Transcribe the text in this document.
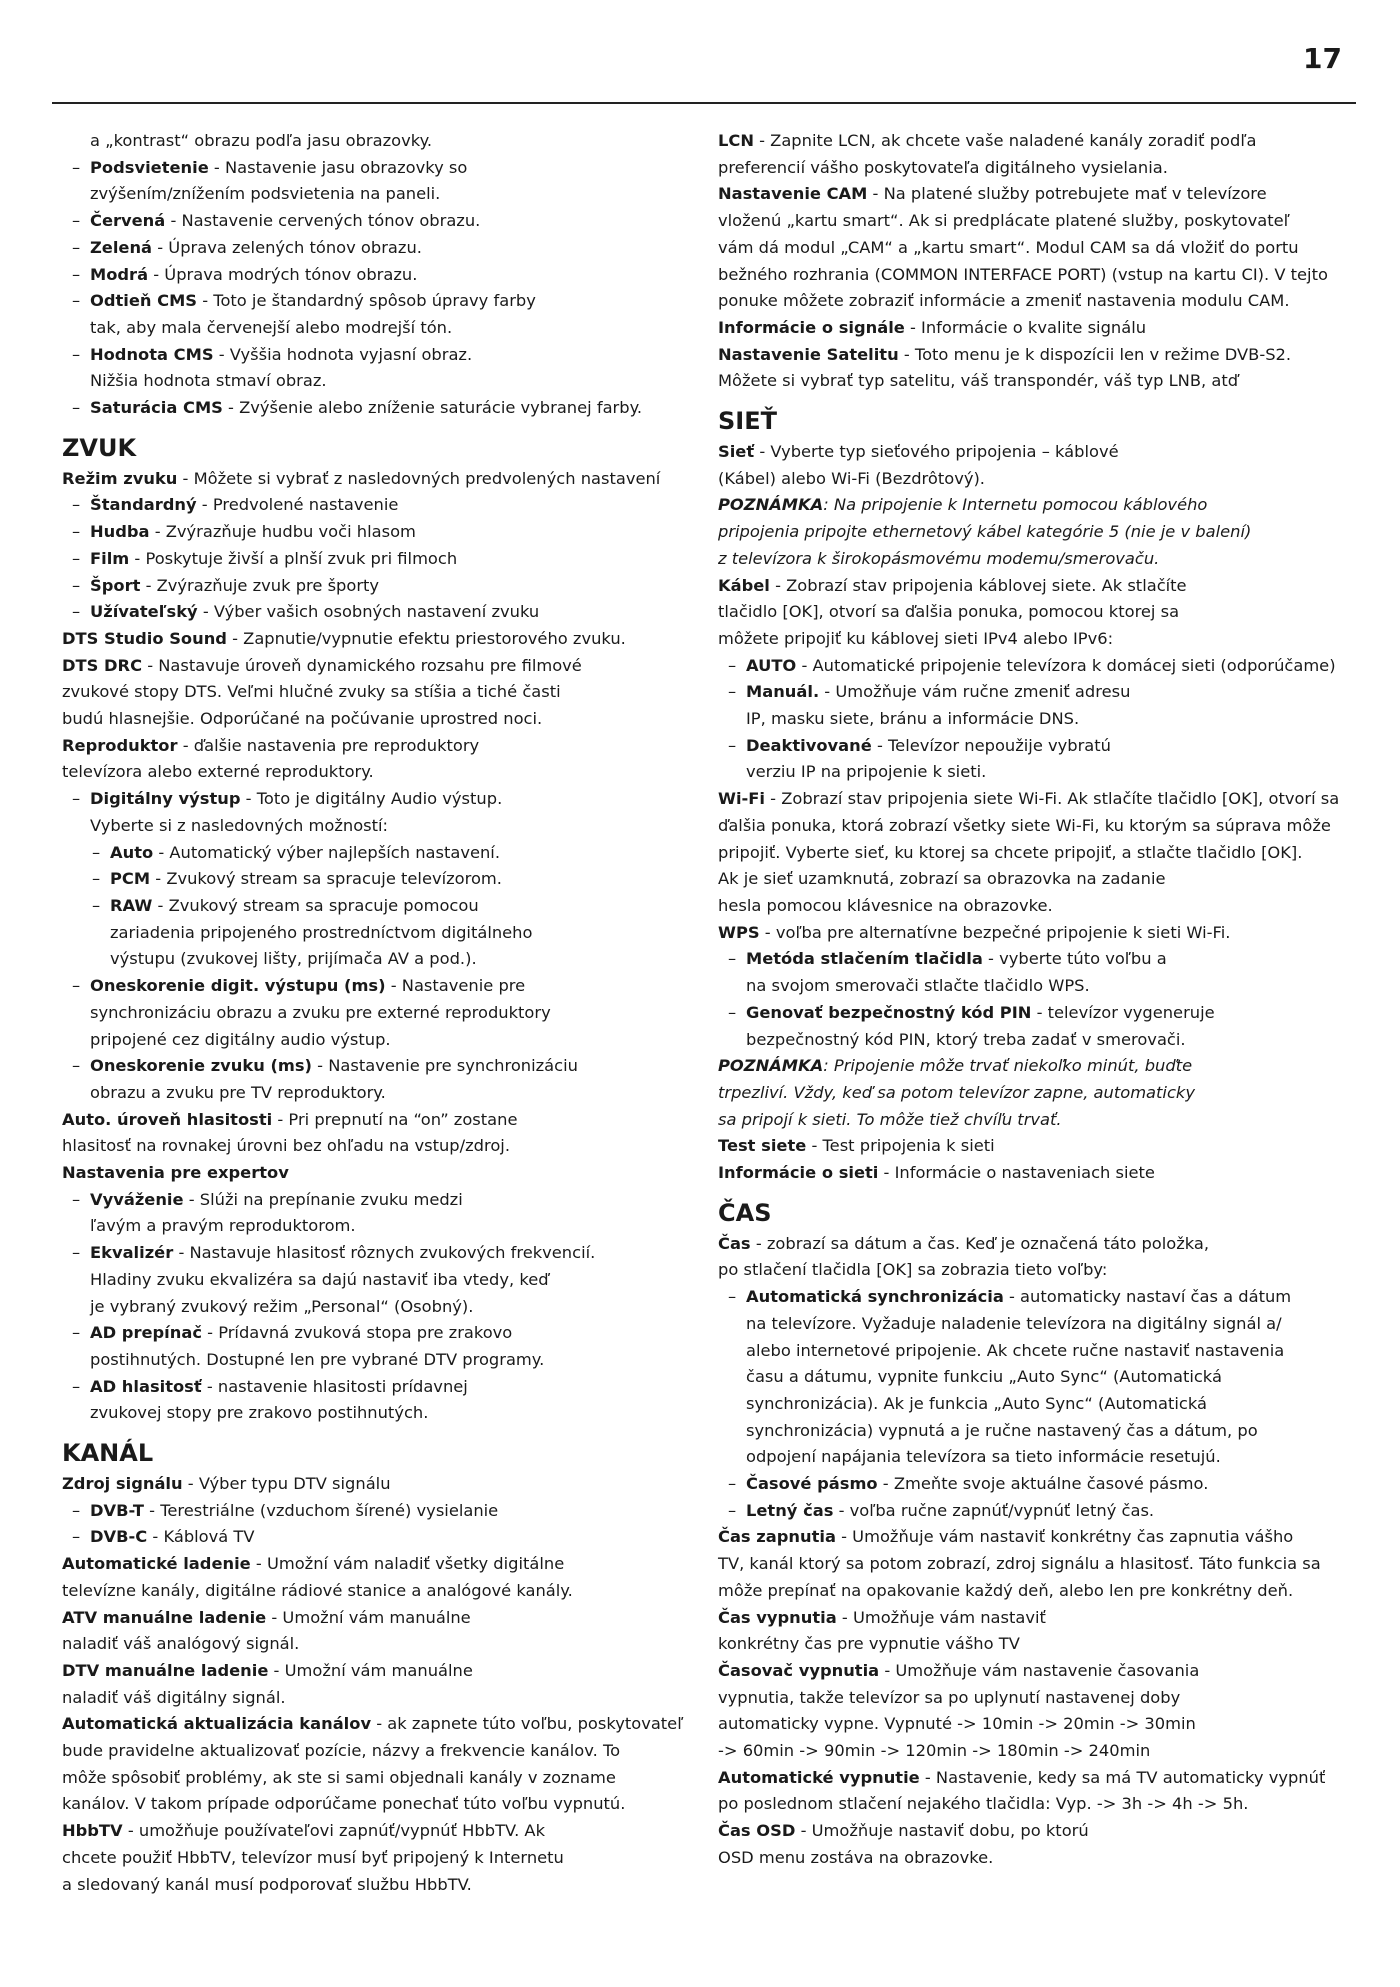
17
a „kontrast“ obrazu podľa jasu obrazovky.
– Podsvietenie - Nastavenie jasu obrazovky so
zvýšením/znížením podsvietenia na paneli.
– Červená - Nastavenie cervených tónov obrazu.
– Zelená - Úprava zelených tónov obrazu.
– Modrá - Úprava modrých tónov obrazu.
– Odtieň CMS - Toto je štandardný spôsob úpravy farby
tak, aby mala červenejší alebo modrejší tón.
– Hodnota CMS - Vyššia hodnota vyjasní obraz.
Nižšia hodnota stmaví obraz.
– Saturácia CMS - Zvýšenie alebo zníženie saturácie vybranej farby.
ZVUK
Režim zvuku - Môžete si vybrať z nasledovných predvolených nastavení
– Štandardný - Predvolené nastavenie
– Hudba - Zvýrazňuje hudbu voči hlasom
– Film - Poskytuje živší a plnší zvuk pri filmoch
– Šport - Zvýrazňuje zvuk pre športy
– Užívateľský - Výber vašich osobných nastavení zvuku
DTS Studio Sound - Zapnutie/vypnutie efektu priestorového zvuku.
DTS DRC - Nastavuje úroveň dynamického rozsahu pre filmové
zvukové stopy DTS. Veľmi hlučné zvuky sa stíšia a tiché časti
budú hlasnejšie. Odporúčané na počúvanie uprostred noci.
Reproduktor - ďalšie nastavenia pre reproduktory
televízora alebo externé reproduktory.
– Digitálny výstup - Toto je digitálny Audio výstup.
Vyberte si z nasledovných možností:
– Auto - Automatický výber najlepších nastavení.
– PCM - Zvukový stream sa spracuje televízorom.
– RAW - Zvukový stream sa spracuje pomocou
zariadenia pripojeného prostredníctvom digitálneho
výstupu (zvukovej lišty, prijímača AV a pod.).
– Oneskorenie digit. výstupu (ms) - Nastavenie pre
synchronizáciu obrazu a zvuku pre externé reproduktory
pripojené cez digitálny audio výstup.
– Oneskorenie zvuku (ms) - Nastavenie pre synchronizáciu
obrazu a zvuku pre TV reproduktory.
Auto. úroveň hlasitosti - Pri prepnutí na “on” zostane
hlasitosť na rovnakej úrovni bez ohľadu na vstup/zdroj.
Nastavenia pre expertov
– Vyváženie - Slúži na prepínanie zvuku medzi
ľavým a pravým reproduktorom.
– Ekvalizér - Nastavuje hlasitosť rôznych zvukových frekvencií.
Hladiny zvuku ekvalizéra sa dajú nastaviť iba vtedy, keď
je vybraný zvukový režim „Personal“ (Osobný).
– AD prepínač - Prídavná zvuková stopa pre zrakovo
postihnutých. Dostupné len pre vybrané DTV programy.
– AD hlasitosť - nastavenie hlasitosti prídavnej
zvukovej stopy pre zrakovo postihnutých.
KANÁL
Zdroj signálu - Výber typu DTV signálu
– DVB-T - Terestriálne (vzduchom šírené) vysielanie
– DVB-C - Káblová TV
Automatické ladenie - Umožní vám naladiť všetky digitálne
televízne kanály, digitálne rádiové stanice a analógové kanály.
ATV manuálne ladenie - Umožní vám manuálne
naladiť váš analógový signál.
DTV manuálne ladenie - Umožní vám manuálne
naladiť váš digitálny signál.
Automatická aktualizácia kanálov - ak zapnete túto voľbu, poskytovateľ
bude pravidelne aktualizovať pozície, názvy a frekvencie kanálov. To
môže spôsobiť problémy, ak ste si sami objednali kanály v zozname
kanálov. V takom prípade odporúčame ponechať túto voľbu vypnutú.
HbbTV - umožňuje používateľovi zapnúť/vypnúť HbbTV. Ak
chcete použiť HbbTV, televízor musí byť pripojený k Internetu
a sledovaný kanál musí podporovať službu HbbTV.
LCN - Zapnite LCN, ak chcete vaše naladené kanály zoradiť podľa
preferencií vášho poskytovateľa digitálneho vysielania.
Nastavenie CAM - Na platené služby potrebujete mať v televízore
vloženú „kartu smart“. Ak si predplácate platené služby, poskytovateľ
vám dá modul „CAM“ a „kartu smart“. Modul CAM sa dá vložiť do portu
bežného rozhrania (COMMON INTERFACE PORT) (vstup na kartu CI). V tejto
ponuke môžete zobraziť informácie a zmeniť nastavenia modulu CAM.
Informácie o signále - Informácie o kvalite signálu
Nastavenie Satelitu - Toto menu je k dispozícii len v režime DVB-S2.
Môžete si vybrať typ satelitu, váš transpondér, váš typ LNB, atď
SIEŤ
Sieť - Vyberte typ sieťového pripojenia – káblové
(Kábel) alebo Wi-Fi (Bezdrôtový).
POZNÁMKA: Na pripojenie k Internetu pomocou káblového
pripojenia pripojte ethernetový kábel kategórie 5 (nie je v balení)
z televízora k širokopásmovému modemu/smerovaču.
Kábel - Zobrazí stav pripojenia káblovej siete. Ak stlačíte
tlačidlo [OK], otvorí sa ďalšia ponuka, pomocou ktorej sa
môžete pripojiť ku káblovej sieti IPv4 alebo IPv6:
– AUTO - Automatické pripojenie televízora k domácej sieti (odporúčame)
– Manuál. - Umožňuje vám ručne zmeniť adresu
IP, masku siete, bránu a informácie DNS.
– Deaktivované - Televízor nepoužije vybratú
verziu IP na pripojenie k sieti.
Wi-Fi - Zobrazí stav pripojenia siete Wi-Fi. Ak stlačíte tlačidlo [OK], otvorí sa
ďalšia ponuka, ktorá zobrazí všetky siete Wi-Fi, ku ktorým sa súprava môže
pripojiť. Vyberte sieť, ku ktorej sa chcete pripojiť, a stlačte tlačidlo [OK].
Ak je sieť uzamknutá, zobrazí sa obrazovka na zadanie
hesla pomocou klávesnice na obrazovke.
WPS - voľba pre alternatívne bezpečné pripojenie k sieti Wi-Fi.
– Metóda stlačením tlačidla - vyberte túto voľbu a
na svojom smerovači stlačte tlačidlo WPS.
– Genovať bezpečnostný kód PIN - televízor vygeneruje
bezpečnostný kód PIN, ktorý treba zadať v smerovači.
POZNÁMKA: Pripojenie môže trvať niekoľko minút, buďte
trpezliví. Vždy, keď sa potom televízor zapne, automaticky
sa pripojí k sieti. To môže tiež chvíľu trvať.
Test siete - Test pripojenia k sieti
Informácie o sieti - Informácie o nastaveniach siete
ČAS
Čas - zobrazí sa dátum a čas. Keď je označená táto položka,
po stlačení tlačidla [OK] sa zobrazia tieto voľby:
– Automatická synchronizácia - automaticky nastaví čas a dátum
na televízore. Vyžaduje naladenie televízora na digitálny signál a/
alebo internetové pripojenie. Ak chcete ručne nastaviť nastavenia
času a dátumu, vypnite funkciu „Auto Sync“ (Automatická
synchronizácia). Ak je funkcia „Auto Sync“ (Automatická
synchronizácia) vypnutá a je ručne nastavený čas a dátum, po
odpojení napájania televízora sa tieto informácie resetujú.
– Časové pásmo - Zmeňte svoje aktuálne časové pásmo.
– Letný čas - voľba ručne zapnúť/vypnúť letný čas.
Čas zapnutia - Umožňuje vám nastaviť konkrétny čas zapnutia vášho
TV, kanál ktorý sa potom zobrazí, zdroj signálu a hlasitosť. Táto funkcia sa
môže prepínať na opakovanie každý deň, alebo len pre konkrétny deň.
Čas vypnutia - Umožňuje vám nastaviť
konkrétny čas pre vypnutie vášho TV
Časovač vypnutia - Umožňuje vám nastavenie časovania
vypnutia, takže televízor sa po uplynutí nastavenej doby
automaticky vypne. Vypnuté -> 10min -> 20min -> 30min
-> 60min -> 90min -> 120min -> 180min -> 240min
Automatické vypnutie - Nastavenie, kedy sa má TV automaticky vypnúť
po poslednom stlačení nejakého tlačidla: Vyp. -> 3h -> 4h -> 5h.
Čas OSD - Umožňuje nastaviť dobu, po ktorú
OSD menu zostáva na obrazovke.
